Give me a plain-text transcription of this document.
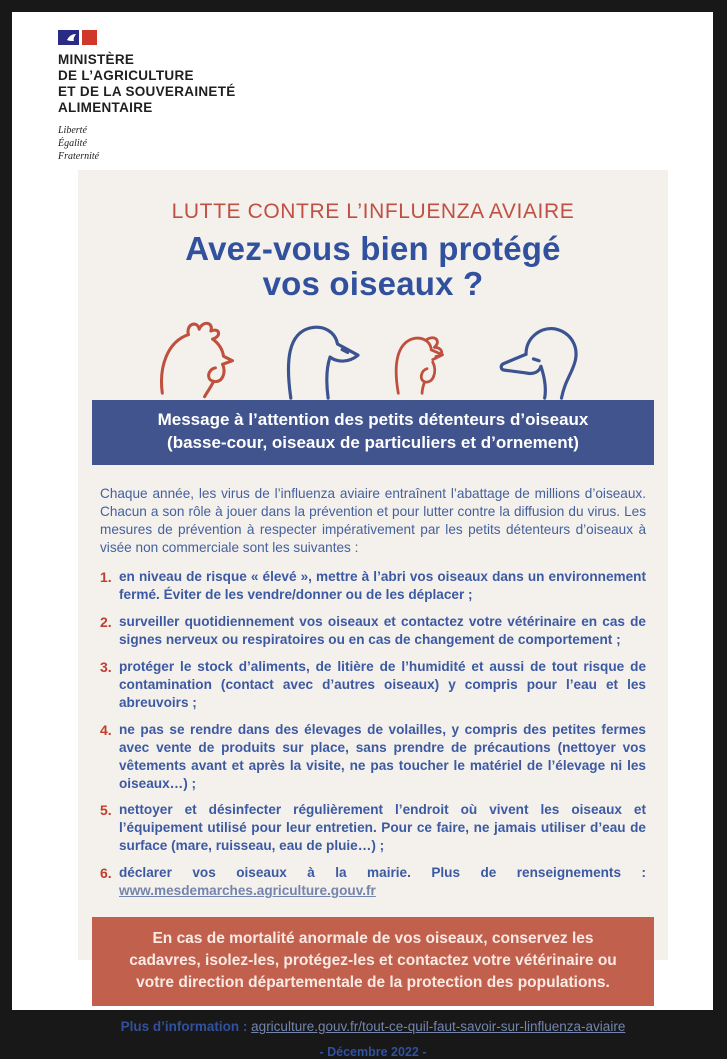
MINISTÈRE
DE L’AGRICULTURE
ET DE LA SOUVERAINETÉ
ALIMENTAIRE
Liberté
Égalité
Fraternité
LUTTE CONTRE L’INFLUENZA AVIAIRE
Avez-vous bien protégé
vos oiseaux ?
Message à l’attention des petits détenteurs d’oiseaux
(basse-cour, oiseaux de particuliers et d’ornement)

Chaque année, les virus de l’influenza aviaire entraînent l’abattage de millions d’oiseaux. Chacun a son rôle à jouer dans la prévention et pour lutter contre la diffusion du virus. Les mesures de prévention à respecter impérativement par les petits détenteurs d’oiseaux à visée non commerciale sont les suivantes :

1. en niveau de risque « élevé », mettre à l’abri vos oiseaux dans un environnement fermé. Éviter de les vendre/donner ou de les déplacer ;
2. surveiller quotidiennement vos oiseaux et contactez votre vétérinaire en cas de signes nerveux ou respiratoires ou en cas de changement de comportement ;
3. protéger le stock d’aliments, de litière de l’humidité et aussi de tout risque de contamination (contact avec d’autres oiseaux) y compris pour l’eau et les abreuvoirs ;
4. ne pas se rendre dans des élevages de volailles, y compris des petites fermes avec vente de produits sur place, sans prendre de précautions (nettoyer vos vêtements avant et après la visite, ne pas toucher le matériel de l’élevage ni les oiseaux…) ;
5. nettoyer et désinfecter régulièrement l’endroit où vivent les oiseaux et l’équipement utilisé pour leur entretien. Pour ce faire, ne jamais utiliser d’eau de surface (mare, ruisseau, eau de pluie…) ;
6. déclarer vos oiseaux à la mairie. Plus de renseignements : www.mesdemarches.agriculture.gouv.fr
En cas de mortalité anormale de vos oiseaux, conservez les cadavres, isolez-les, protégez-les et contactez votre vétérinaire ou votre direction départementale de la protection des populations.
Plus d’information : agriculture.gouv.fr/tout-ce-quil-faut-savoir-sur-linfluenza-aviaire
- Décembre 2022 -
